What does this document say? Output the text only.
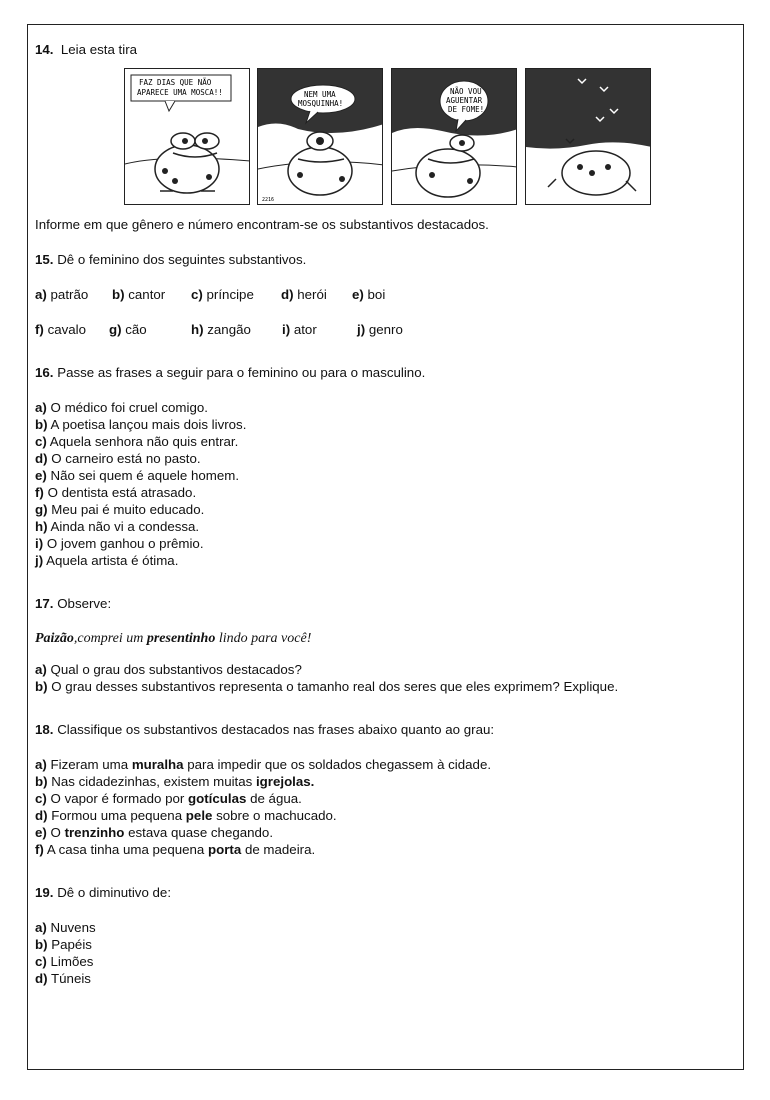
14. Leia esta tira

FAZ DIAS QUE NÃO
APARECE UMA MOSCA!!	NEM UMA
MOSQUINHA!
2216
NÃO VOU
AGUENTAR
DE FOME!

Informe em que gênero e número encontram-se os substantivos destacados.

15. Dê o feminino dos seguintes substantivos.

a) patrão b) cantor c) príncipe d) herói e) boi

f) cavalo g) cão	h) zangão i) ator	j) genro

16. Passe as frases a seguir para o feminino ou para o masculino.

a) O médico foi cruel comigo.

b) A poetisa lançou mais dois livros.

c) Aquela senhora não quis entrar.

d) O carneiro está no pasto.

e) Não sei quem é aquele homem.

f) O dentista está atrasado.

g) Meu pai é muito educado.

h) Ainda não vi a condessa.

i) O jovem ganhou o prêmio.

j) Aquela artista é ótima.

17. Observe:

Paizão,comprei um presentinho lindo para você!

a) Qual o grau dos substantivos destacados?

b) O grau desses substantivos representa o tamanho real dos seres que eles exprimem? Explique.

18. Classifique os substantivos destacados nas frases abaixo quanto ao grau:

a) Fizeram uma muralha para impedir que os soldados chegassem à cidade.

b) Nas cidadezinhas, existem muitas igrejolas.

c) O vapor é formado por gotículas de água.

d) Formou uma pequena pele sobre o machucado.

e) O trenzinho estava quase chegando.

f) A casa tinha uma pequena porta de madeira.

19. Dê o diminutivo de:

a) Nuvens

b) Papéis

c) Limões

d) Túneis
